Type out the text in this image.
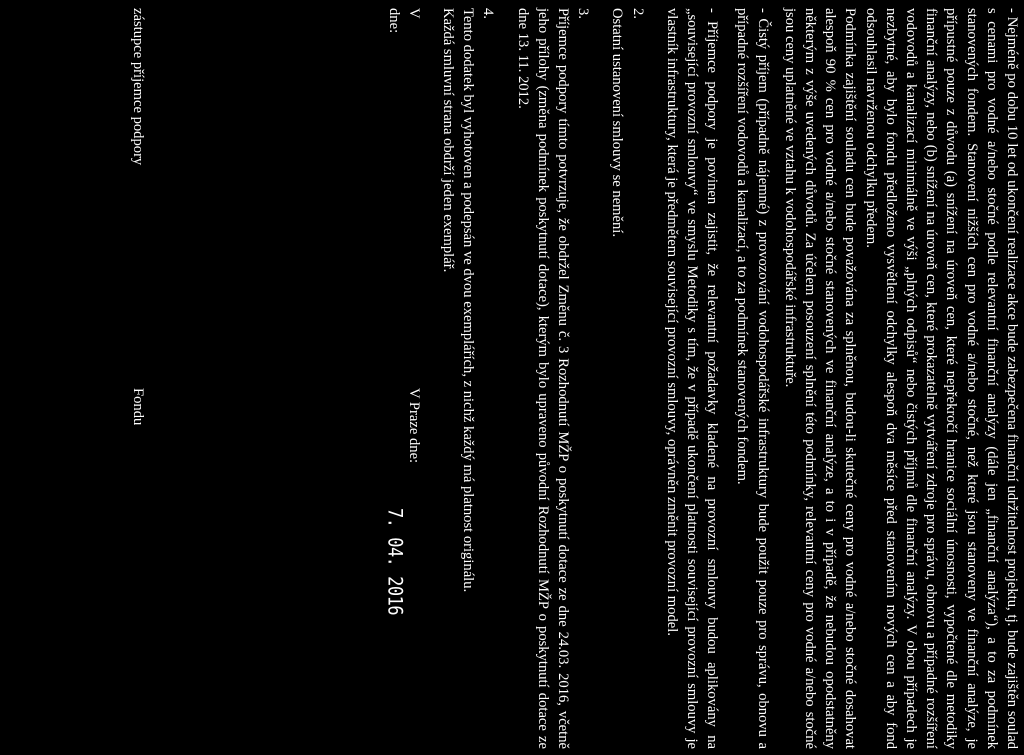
- Nejméně po dobu 10 let od ukončení realizace akce bude zabezpečena finanční udržitelnost projektu, tj. bude zajištěn soulad s cenami pro vodné a/nebo stočné podle relevantní finanční analýzy (dále jen „finanční analýza“), a to za podmínek stanovených fondem. Stanovení nižších cen pro vodné a/nebo stočné, než které jsou stanoveny ve finanční analýze, je přípustné pouze z důvodu (a) snížení na úroveň cen, které nepřekročí hranice sociální únosnosti, vypočtené dle metodiky finanční analýzy, nebo (b) snížení na úroveň cen, které prokazatelně vytváření zdroje pro správu, obnovu a případné rozšíření vodovodů a kanalizací minimálně ve výši „plných odpisů“ nebo čistých příjmů dle finanční analýzy. V obou případech je nezbytné, aby bylo fondu předloženo vysvětlení odchylky alespoň dva měsíce před stanovením nových cen a aby fond odsouhlasil navrženou odchylku předem.

Podmínka zajištění souladu cen bude považována za splněnou, budou-li skutečné ceny pro vodné a/nebo stočné dosahovat alespoň 90 % cen pro vodné a/nebo stočné stanovených ve finanční analýze, a to i v případě, že nebudou opodstatněny některým z výše uvedených důvodů. Za účelem posouzení splnění této podmínky, relevantní ceny pro vodné a/nebo stočné jsou ceny uplatněné ve vztahu k vodohospodářské infrastruktuře.

- Čistý příjem (případně nájemné) z provozování vodohospodářské infrastruktury bude použit pouze pro správu, obnovu a případné rozšíření vodovodů a kanalizací, a to za podmínek stanovených fondem.

- Příjemce podpory je povinen zajistit, že relevantní požadavky kladené na provozní smlouvy budou aplikovány na „související provozní smlouvy“ ve smyslu Metodiky s tím, že v případě ukončení platnosti související provozní smlouvy je vlastník infrastruktury, která je předmětem související provozní smlouvy, oprávněn změnit provozní model.

2.

Ostatní ustanovení smlouvy se nemění.

3.

Příjemce podpory tímto potvrzuje, že obdržel Změnu č. 3 Rozhodnutí MŽP o poskytnutí dotace ze dne 24.03. 2016, včetně jeho přílohy (změna podmínek poskytnutí dotace), kterým bylo upraveno původní Rozhodnutí MŽP o poskytnutí dotace ze dne 13. 11. 2012.

4.

Tento dodatek byl vyhotoven a podepsán ve dvou exemplářích, z nichž každý má platnost originálu.

Každá smluvní strana obdrží jeden exemplář.

V
V Praze dne:
dne:
7. 04. 2016
zástupce příjemce podpory
Fondu
